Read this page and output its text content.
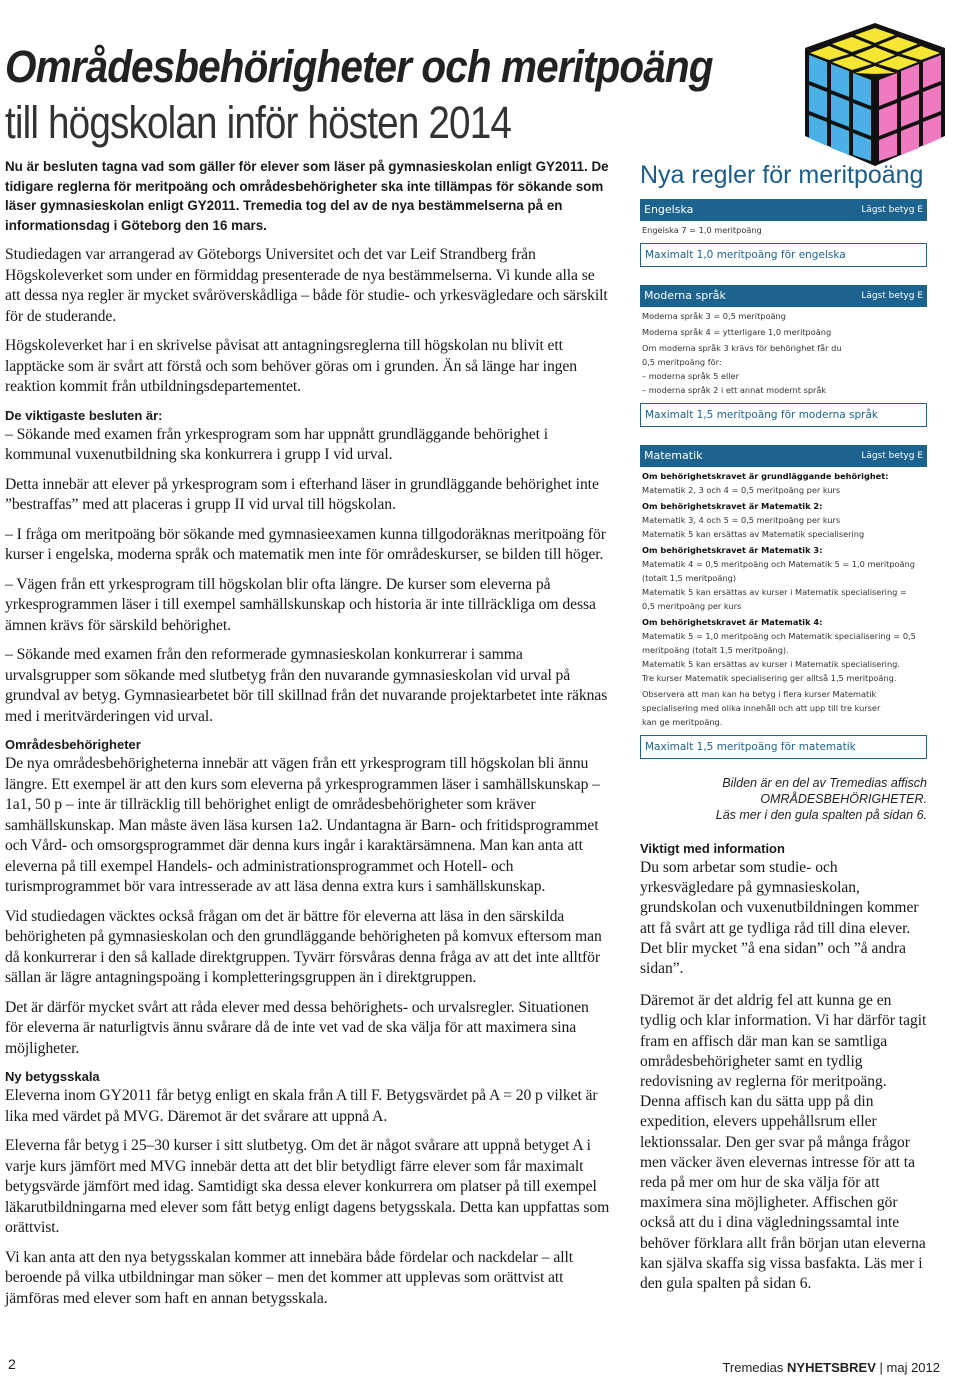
Områdesbehörigheter och meritpoäng
till högskolan inför hösten 2014

Nu är besluten tagna vad som gäller för elever som läser på gymnasieskolan enligt GY2011. De tidigare reglerna för meritpoäng och områdesbehörigheter ska inte tillämpas för sökande som läser gymnasieskolan enligt GY2011. Tremedia tog del av de nya bestämmelserna på en informationsdag i Göteborg den 16 mars.

Studiedagen var arrangerad av Göteborgs Universitet och det var Leif Strandberg från Högskoleverket som under en förmiddag presenterade de nya bestämmelserna. Vi kunde alla se att dessa nya regler är mycket svåröverskådliga – både för studie- och yrkesvägledare och särskilt för de studerande.

Högskoleverket har i en skrivelse påvisat att antagningsreglerna till högskolan nu blivit ett lapptäcke som är svårt att förstå och som behöver göras om i grunden. Än så länge har ingen reaktion kommit från utbildningsdepartementet.

De viktigaste besluten är:

– Sökande med examen från yrkesprogram som har uppnått grundläggande behörighet i kommunal vuxenutbildning ska konkurrera i grupp I vid urval.

Detta innebär att elever på yrkesprogram som i efterhand läser in grundläggande behörighet inte ”bestraffas” med att placeras i grupp II vid urval till högskolan.

– I fråga om meritpoäng bör sökande med gymnasieexamen kunna tillgodoräknas meritpoäng för kurser i engelska, moderna språk och matematik men inte för områdeskurser, se bilden till höger.

– Vägen från ett yrkesprogram till högskolan blir ofta längre. De kurser som eleverna på yrkesprogrammen läser i till exempel samhällskunskap och historia är inte tillräckliga om dessa ämnen krävs för särskild behörighet.

– Sökande med examen från den reformerade gymnasieskolan konkurrerar i samma urvalsgrupper som sökande med slutbetyg från den nuvarande gymnasieskolan vid urval på grundval av betyg. Gymnasiearbetet bör till skillnad från det nuvarande projektarbetet inte räknas med i meritvärderingen vid urval.

Områdesbehörigheter

De nya områdesbehörigheterna innebär att vägen från ett yrkesprogram till högskolan bli ännu längre. Ett exempel är att den kurs som eleverna på yrkesprogrammen läser i samhällskunskap – 1a1, 50 p – inte är tillräcklig till behörighet enligt de områdesbehörigheter som kräver samhällskunskap. Man måste även läsa kursen 1a2. Undantagna är Barn- och fritidsprogrammet och Vård- och omsorgsprogrammet där denna kurs ingår i karaktärsämnena. Man kan anta att eleverna på till exempel Handels- och administrationsprogrammet och Hotell- och turismprogrammet bör vara intresserade av att läsa denna extra kurs i samhällskunskap.

Vid studiedagen väcktes också frågan om det är bättre för eleverna att läsa in den särskilda behörigheten på gymnasieskolan och den grundläggande behörigheten på komvux eftersom man då konkurrerar i den så kallade direktgruppen. Tyvärr försvåras denna fråga av att det inte alltför sällan är lägre antagningspoäng i kompletteringsgruppen än i direktgruppen.

Det är därför mycket svårt att råda elever med dessa behörighets- och urvalsregler. Situationen för eleverna är naturligtvis ännu svårare då de inte vet vad de ska välja för att maximera sina möjligheter.

Ny betygsskala

Eleverna inom GY2011 får betyg enligt en skala från A till F. Betygsvärdet på A = 20 p vilket är lika med värdet på MVG. Däremot är det svårare att uppnå A.

Eleverna får betyg i 25–30 kurser i sitt slutbetyg. Om det är något svårare att uppnå betyget A i varje kurs jämfört med MVG innebär detta att det blir betydligt färre elever som får maximalt betygsvärde jämfört med idag. Samtidigt ska dessa elever konkurrera om platser på till exempel läkarutbildningarna med elever som fått betyg enligt dagens betygsskala. Detta kan uppfattas som orättvist.

Vi kan anta att den nya betygsskalan kommer att innebära både fördelar och nackdelar – allt beroende på vilka utbildningar man söker – men det kommer att upplevas som orättvist att jämföras med elever som haft en annan betygsskala.

Nya regler för meritpoäng
Engelska	Lägst betyg E
Engelska 7 = 1,0 meritpoäng
Maximalt 1,0 meritpoäng för engelska
Moderna språk	Lägst betyg E
Moderna språk 3 = 0,5 meritpoäng
Moderna språk 4 = ytterligare 1,0 meritpoäng
Om moderna språk 3 krävs för behörighet får du
0,5 meritpoäng för:
– moderna språk 5 eller
– moderna språk 2 i ett annat modernt språk
Maximalt 1,5 meritpoäng för moderna språk
Matematik	Lägst betyg E
Om behörighetskravet är grundläggande behörighet:
Matematik 2, 3 och 4 = 0,5 meritpoäng per kurs
Om behörighetskravet är Matematik 2:
Matematik 3, 4 och 5 = 0,5 meritpoäng per kurs
Matematik 5 kan ersättas av Matematik specialisering
Om behörighetskravet är Matematik 3:
Matematik 4 = 0,5 meritpoäng och Matematik 5 = 1,0 meritpoäng
(totalt 1,5 meritpoäng)
Matematik 5 kan ersättas av kurser i Matematik specialisering =
0,5 meritpoäng per kurs
Om behörighetskravet är Matematik 4:
Matematik 5 = 1,0 meritpoäng och Matematik specialisering = 0,5
meritpoäng (totalt 1,5 meritpoäng).
Matematik 5 kan ersättas av kurser i Matematik specialisering.
Tre kurser Matematik specialisering ger alltså 1,5 meritpoäng.
Observera att man kan ha betyg i flera kurser Matematik
specialisering med olika innehåll och att upp till tre kurser
kan ge meritpoäng.
Maximalt 1,5 meritpoäng för matematik
Bilden är en del av Tremedias affisch
OMRÅDESBEHÖRIGHETER.
Läs mer i den gula spalten på sidan 6.
Viktigt med information

Du som arbetar som studie- och yrkesvägledare på gymnasieskolan, grundskolan och vuxenutbildningen kommer att få svårt att ge tydliga råd till dina elever. Det blir mycket ”å ena sidan” och ”å andra sidan”.

Däremot är det aldrig fel att kunna ge en tydlig och klar information. Vi har därför tagit fram en affisch där man kan se samtliga områdesbehörigheter samt en tydlig redovisning av reglerna för meritpoäng. Denna affisch kan du sätta upp på din expedition, elevers uppehållsrum eller lektionssalar. Den ger svar på många frågor men väcker även elevernas intresse för att ta reda på mer om hur de ska välja för att maximera sina möjligheter. Affischen gör också att du i dina vägledningssamtal inte behöver förklara allt från början utan eleverna kan själva skaffa sig vissa basfakta. Läs mer i den gula spalten på sidan 6.

2	Tremedias NYHETSBREV | maj 2012
